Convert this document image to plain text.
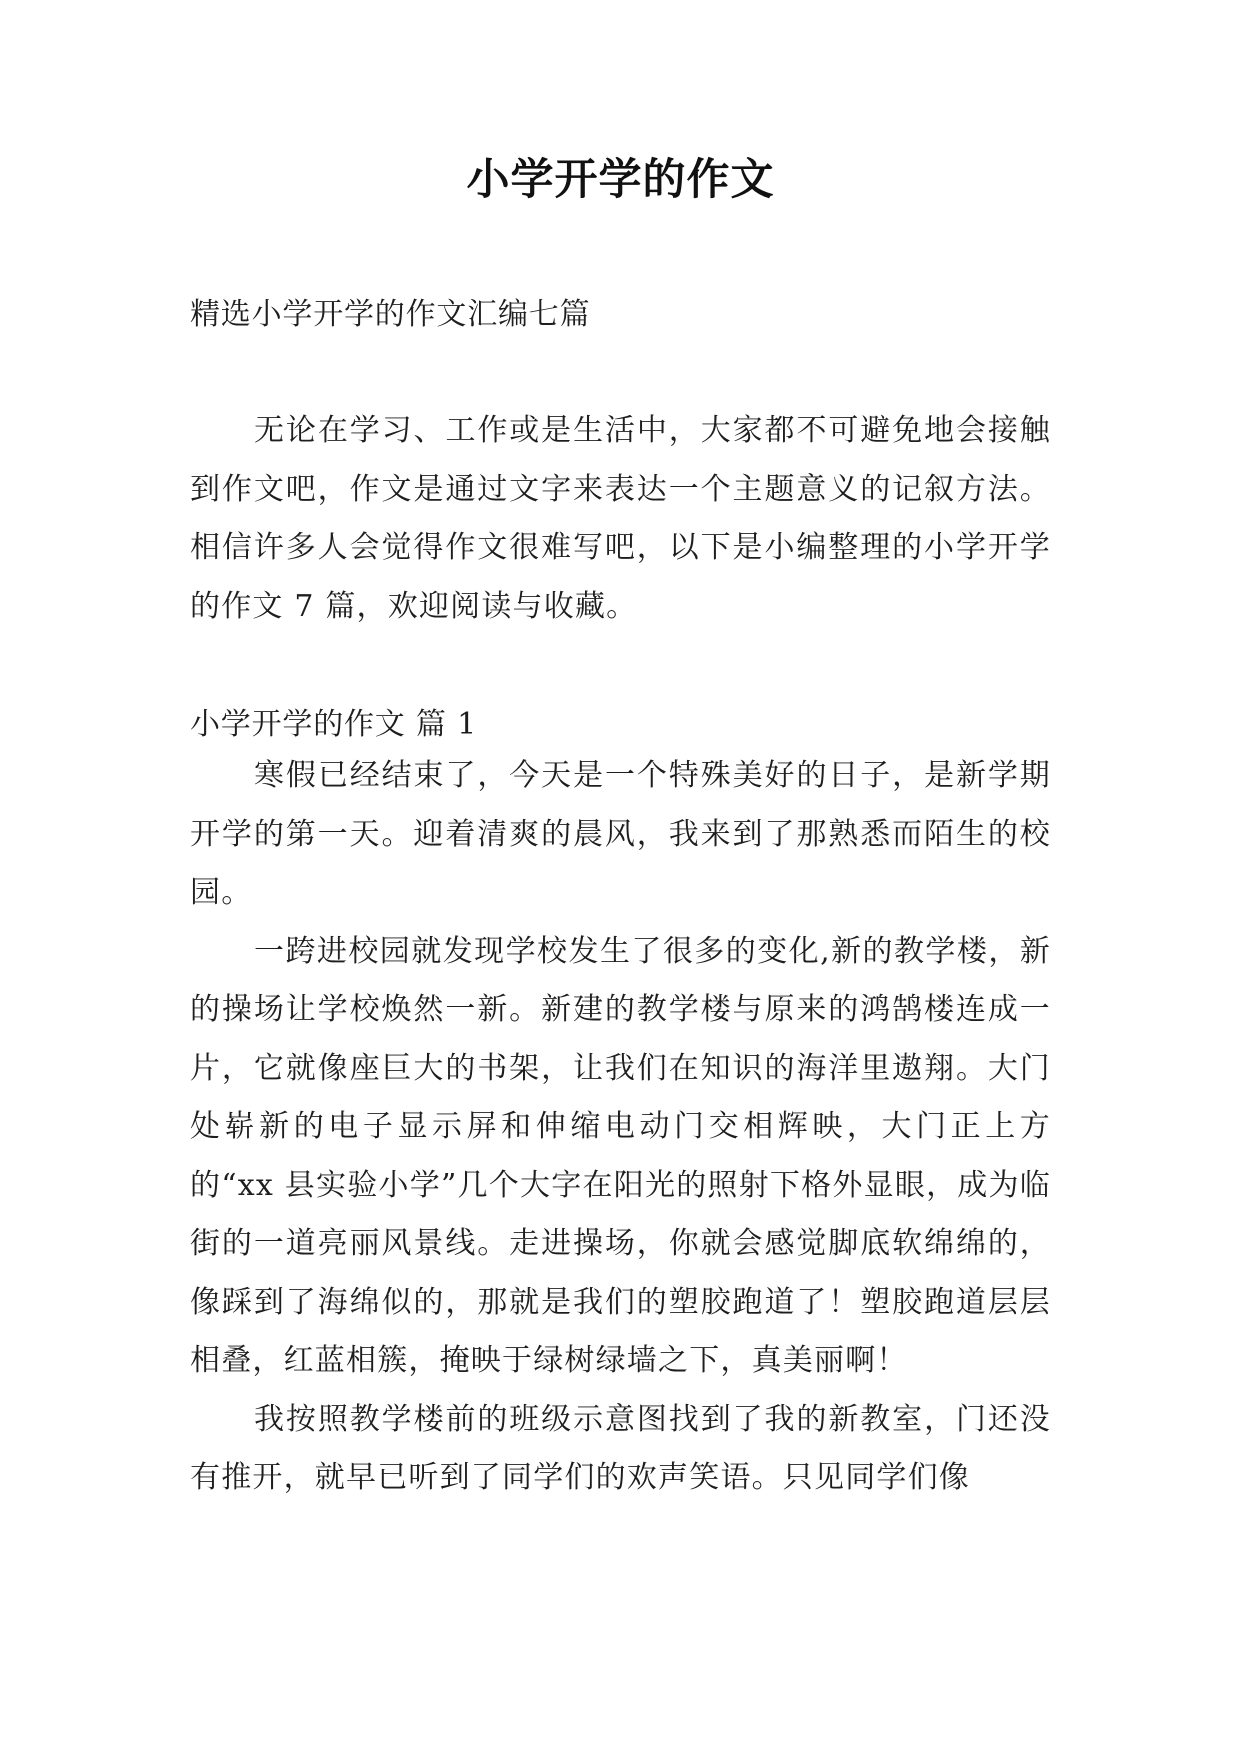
小学开学的作文
精选小学开学的作文汇编七篇
无论在学习、工作或是生活中，大家都不可避免地会接触到作文吧，作文是通过文字来表达一个主题意义的记叙方法。相信许多人会觉得作文很难写吧，以下是小编整理的小学开学的作文 7 篇，欢迎阅读与收藏。
小学开学的作文 篇 1

寒假已经结束了，今天是一个特殊美好的日子，是新学期开学的第一天。迎着清爽的晨风，我来到了那熟悉而陌生的校园。

一跨进校园就发现学校发生了很多的变化,新的教学楼，新的操场让学校焕然一新。新建的教学楼与原来的鸿鹄楼连成一片，它就像座巨大的书架，让我们在知识的海洋里遨翔。大门处崭新的电子显示屏和伸缩电动门交相辉映，大门正上方的“xx 县实验小学”几个大字在阳光的照射下格外显眼，成为临街的一道亮丽风景线。走进操场，你就会感觉脚底软绵绵的，像踩到了海绵似的，那就是我们的塑胶跑道了！塑胶跑道层层相叠，红蓝相簇，掩映于绿树绿墙之下，真美丽啊！

我按照教学楼前的班级示意图找到了我的新教室，门还没有推开，就早已听到了同学们的欢声笑语。只见同学们像
